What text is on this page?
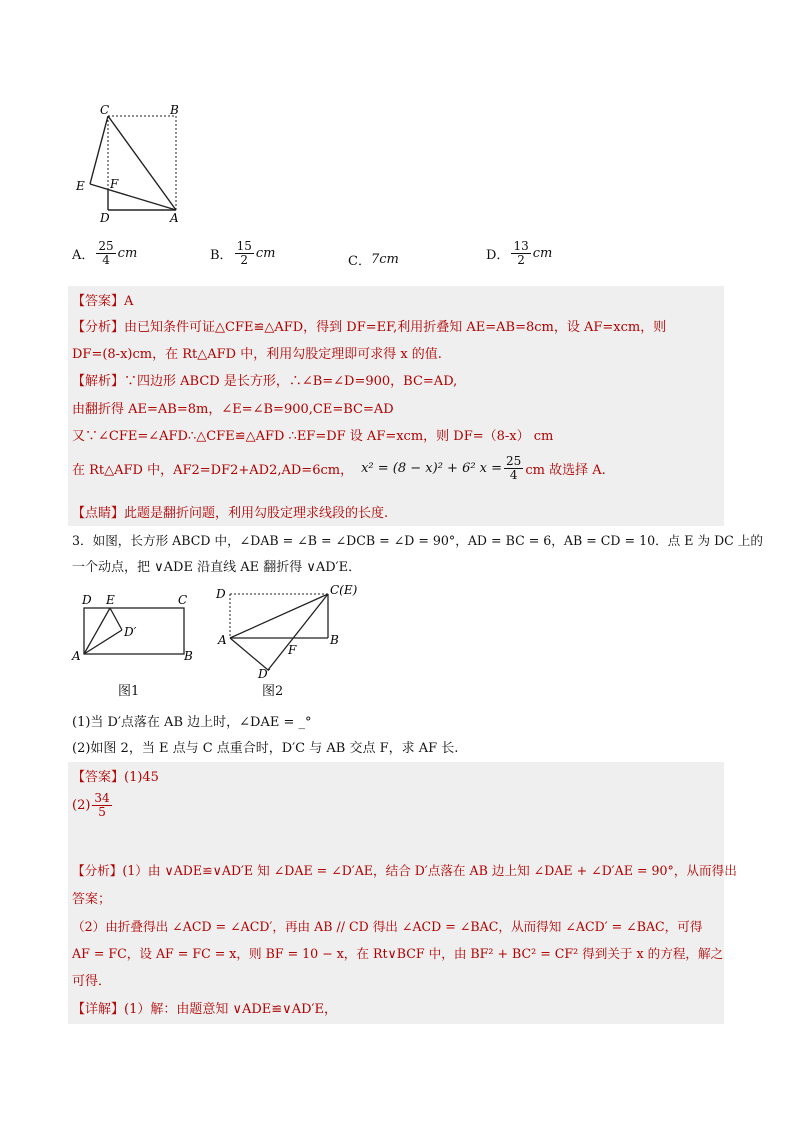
C	B
E F
D	A
A． $\frac{25}{4}$ cm	B． $\frac{15}{2}$ cm
C． 7cm	D． $\frac{13}{2}$ cm
【答案】A
【分析】由已知条件可证△CFE≌△AFD，得到 DF=EF,利用折叠知 AE=AB=8cm，设 AF=xcm，则
DF=(8-x)cm，在 Rt△AFD 中，利用勾股定理即可求得 x 的值.
【解析】∵四边形 ABCD 是长方形，∴∠B=∠D=900，BC=AD,
由翻折得 AE=AB=8m，∠E=∠B=900,CE=BC=AD
又∵∠CFE=∠AFD∴△CFE≌△AFD ∴EF=DF 设 AF=xcm，则 DF=（8-x） cm
在 Rt△AFD 中，AF2=DF2+AD2,AD=6cm， x² = (8 − x)² + 6² $x = \frac{25}{4}$ cm 故选择 A.
【点睛】此题是翻折问题，利用勾股定理求线段的长度.
3．如图，长方形 ABCD 中，∠DAB = ∠B = ∠DCB = ∠D = 90°，AD = BC = 6，AB = CD = 10．点 E 为 DC 上的
一个动点，把 ∨ADE 沿直线 AE 翻折得 ∨AD′E．
D E	C
D′
A	B
图1
D	C(E)
A	B
F
D′
图2
(1)当 D′点落在 AB 边上时，∠DAE = _°
(2)如图 2，当 E 点与 C 点重合时，D′C 与 AB 交点 F，求 AF 长.
【答案】(1)45
$(2) \frac{34}{5}$
【分析】(1）由 ∨ADE≌∨AD′E 知 ∠DAE = ∠D′AE，结合 D′点落在 AB 边上知 ∠DAE + ∠D′AE = 90°，从而得出
答案；
（2）由折叠得出 ∠ACD = ∠ACD′，再由 AB // CD 得出 ∠ACD = ∠BAC，从而得知 ∠ACD′ = ∠BAC，可得
AF = FC，设 AF = FC = x，则 BF = 10 − x，在 Rt∨BCF 中，由 BF² + BC² = CF² 得到关于 x 的方程，解之
可得．
【详解】(1）解：由题意知 ∨ADE≌∨AD′E，
